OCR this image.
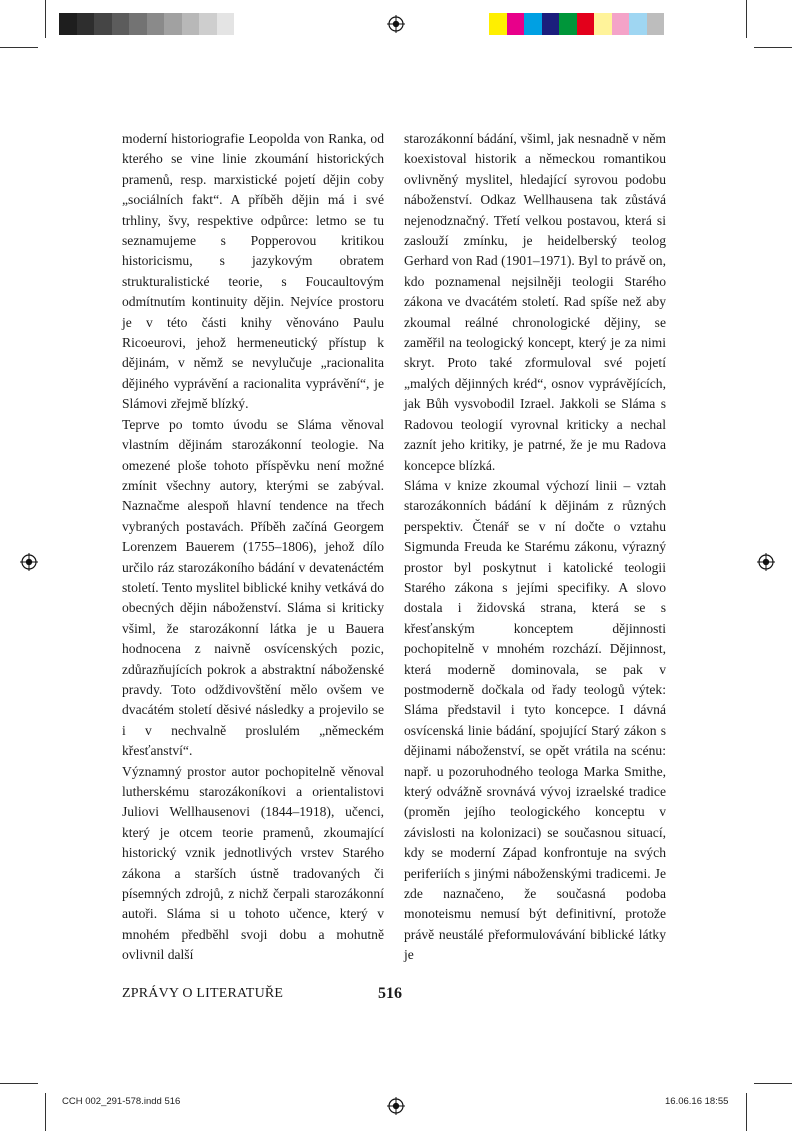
moderní historiografie Leopolda von Ranka, od kterého se vine linie zkoumání historických pramenů, resp. marxistické pojetí dějin coby „sociálních fakt“. A příběh dějin má i své trhliny, švy, respektive odpůrce: letmo se tu seznamujeme s Popperovou kritikou historicismu, s jazykovým obratem strukturalistické teorie, s Foucaultovým odmítnutím kontinuity dějin. Nejvíce prostoru je v této části knihy věnováno Paulu Ricoeurovi, jehož hermeneutický přístup k dějinám, v němž se nevylučuje „racionalita dějiného vyprávění a racionalita vyprávění“, je Slámovi zřejmě blízký.

Teprve po tomto úvodu se Sláma věnoval vlastním dějinám starozákonní teologie. Na omezené ploše tohoto příspěvku není možné zmínit všechny autory, kterými se zabýval. Naznačme alespoň hlavní tendence na třech vybraných postavách. Příběh začíná Georgem Lorenzem Bauerem (1755–1806), jehož dílo určilo ráz starozákoního bádání v devatenáctém století. Tento myslitel biblické knihy vetkává do obecných dějin náboženství. Sláma si kriticky všiml, že starozákonní látka je u Bauera hodnocena z naivně osvícenských pozic, zdůrazňujících pokrok a abstraktní náboženské pravdy. Toto odždivovštění mělo ovšem ve dvacátém století děsivé následky a projevilo se i v nechvalně proslulém „německém křesťanství“.

Významný prostor autor pochopitelně věnoval lutherskému starozákoníkovi a orientalistovi Juliovi Wellhausenovi (1844–1918), učenci, který je otcem teorie pramenů, zkoumající historický vznik jednotlivých vrstev Starého zákona a starších ústně tradovaných či písemných zdrojů, z nichž čerpali starozákonní autoři. Sláma si u tohoto učence, který v mnohém předběhl svoji dobu a mohutně ovlivnil další

starozákonní bádání, všiml, jak nesnadně v něm koexistoval historik a německou romantikou ovlivněný myslitel, hledající syrovou podobu náboženství. Odkaz Wellhausena tak zůstává nejenodznačný. Třetí velkou postavou, která si zaslouží zmínku, je heidelberský teolog Gerhard von Rad (1901–1971). Byl to právě on, kdo poznamenal nejsilněji teologii Starého zákona ve dvacátém století. Rad spíše než aby zkoumal reálné chronologické dějiny, se zaměřil na teologický koncept, který je za nimi skryt. Proto také zformuloval své pojetí „malých dějinných kréd“, osnov vyprávějících, jak Bůh vysvobodil Izrael. Jakkoli se Sláma s Radovou teologií vyrovnal kriticky a nechal zaznít jeho kritiky, je patrné, že je mu Radova koncepce blízká.

Sláma v knize zkoumal výchozí linii – vztah starozákonních bádání k dějinám z různých perspektiv. Čtenář se v ní dočte o vztahu Sigmunda Freuda ke Starému zákonu, výrazný prostor byl poskytnut i katolické teologii Starého zákona s jejími specifiky. A slovo dostala i židovská strana, která se s křesťanským konceptem dějinnosti pochopitelně v mnohém rozchází. Dějinnost, která moderně dominovala, se pak v postmoderně dočkala od řady teologů výtek: Sláma představil i tyto koncepce. I dávná osvícenská linie bádání, spojující Starý zákon s dějinami náboženství, se opět vrátila na scénu: např. u pozoruhodného teologa Marka Smithe, který odvážně srovnává vývoj izraelské tradice (proměn jejího teologického konceptu v závislosti na kolonizaci) se současnou situací, kdy se moderní Západ konfrontuje na svých periferiích s jinými náboženskými tradicemi. Je zde naznačeno, že současná podoba monoteismu nemusí být definitivní, protože právě neustálé přeformulovávání biblické látky je

ZPRÁVY O LITERATUŘE	516
CCH 002_291-578.indd 516	16.06.16 18:55
